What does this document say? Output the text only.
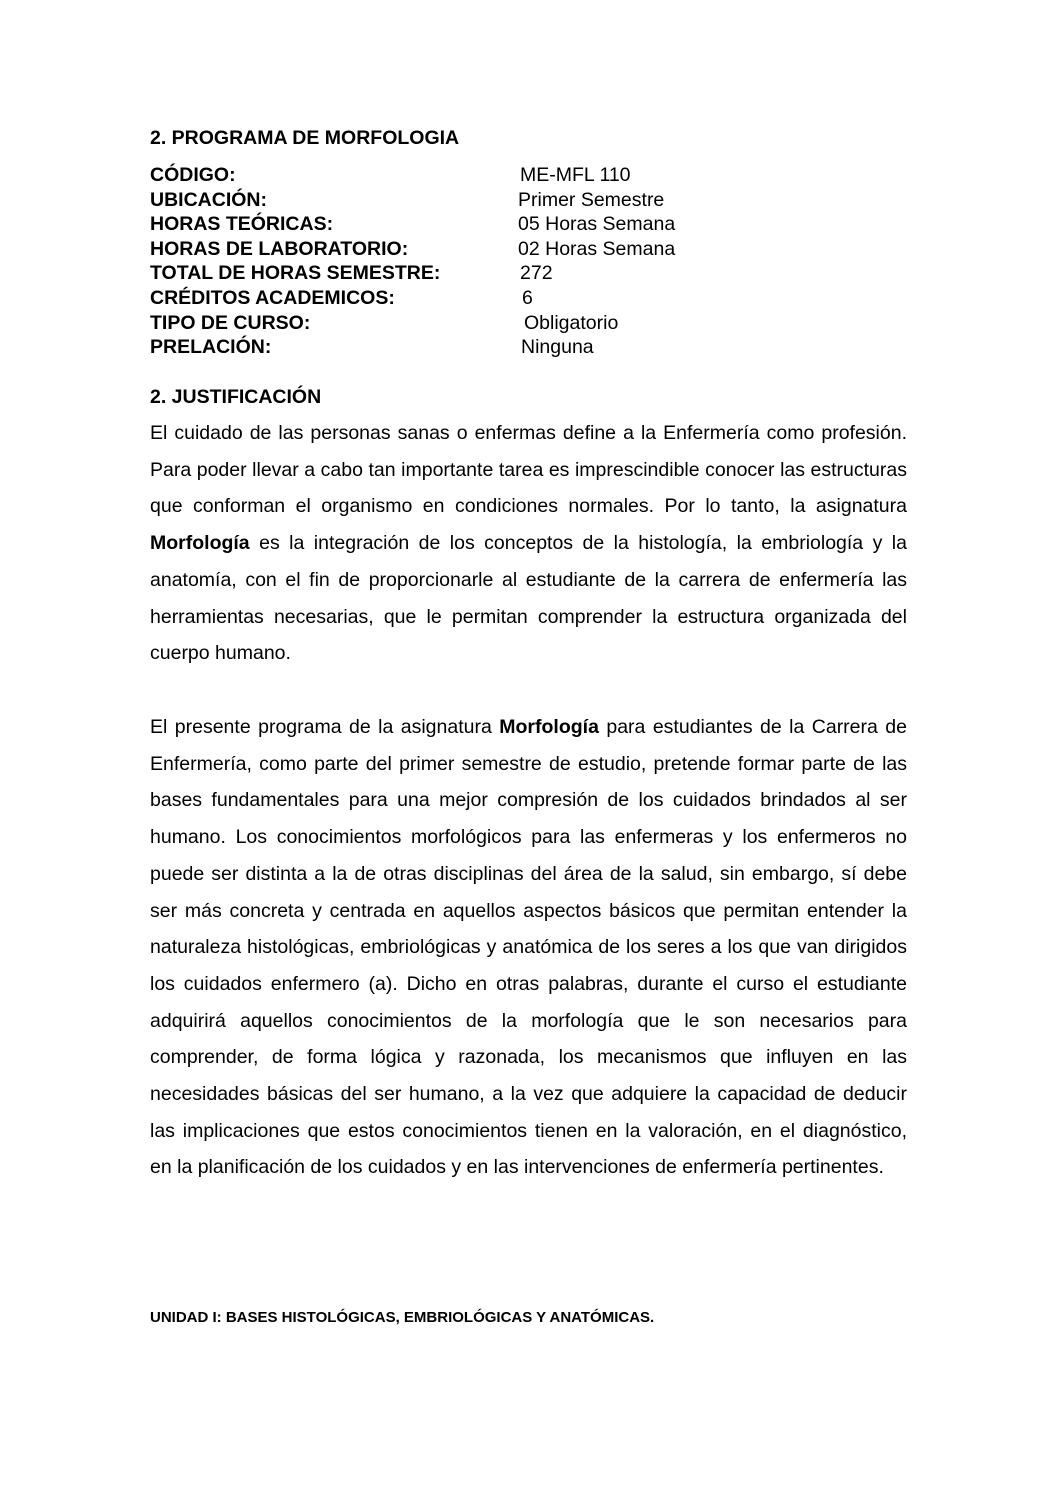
2. PROGRAMA DE MORFOLOGIA
CÓDIGO:	ME-MFL 110
UBICACIÓN:	Primer Semestre
HORAS TEÓRICAS:	05 Horas Semana
HORAS DE LABORATORIO:	02 Horas Semana
TOTAL DE HORAS SEMESTRE:	272
CRÉDITOS ACADEMICOS:	6
TIPO DE CURSO:	Obligatorio
PRELACIÓN:	Ninguna
2. JUSTIFICACIÓN

El cuidado de las personas sanas o enfermas define a la Enfermería como profesión. Para poder llevar a cabo tan importante tarea es imprescindible conocer las estructuras que conforman el organismo en condiciones normales. Por lo tanto, la asignatura Morfología es la integración de los conceptos de la histología, la embriología y la anatomía, con el fin de proporcionarle al estudiante de la carrera de enfermería las herramientas necesarias, que le permitan comprender la estructura organizada del cuerpo humano.

El presente programa de la asignatura Morfología para estudiantes de la Carrera de Enfermería, como parte del primer semestre de estudio, pretende formar parte de las bases fundamentales para una mejor compresión de los cuidados brindados al ser humano. Los conocimientos morfológicos para las enfermeras y los enfermeros no puede ser distinta a la de otras disciplinas del área de la salud, sin embargo, sí debe ser más concreta y centrada en aquellos aspectos básicos que permitan entender la naturaleza histológicas, embriológicas y anatómica de los seres a los que van dirigidos los cuidados enfermero (a). Dicho en otras palabras, durante el curso el estudiante adquirirá aquellos conocimientos de la morfología que le son necesarios para comprender, de forma lógica y razonada, los mecanismos que influyen en las necesidades básicas del ser humano, a la vez que adquiere la capacidad de deducir las implicaciones que estos conocimientos tienen en la valoración, en el diagnóstico, en la planificación de los cuidados y en las intervenciones de enfermería pertinentes.

UNIDAD I: BASES HISTOLÓGICAS, EMBRIOLÓGICAS Y ANATÓMICAS.
